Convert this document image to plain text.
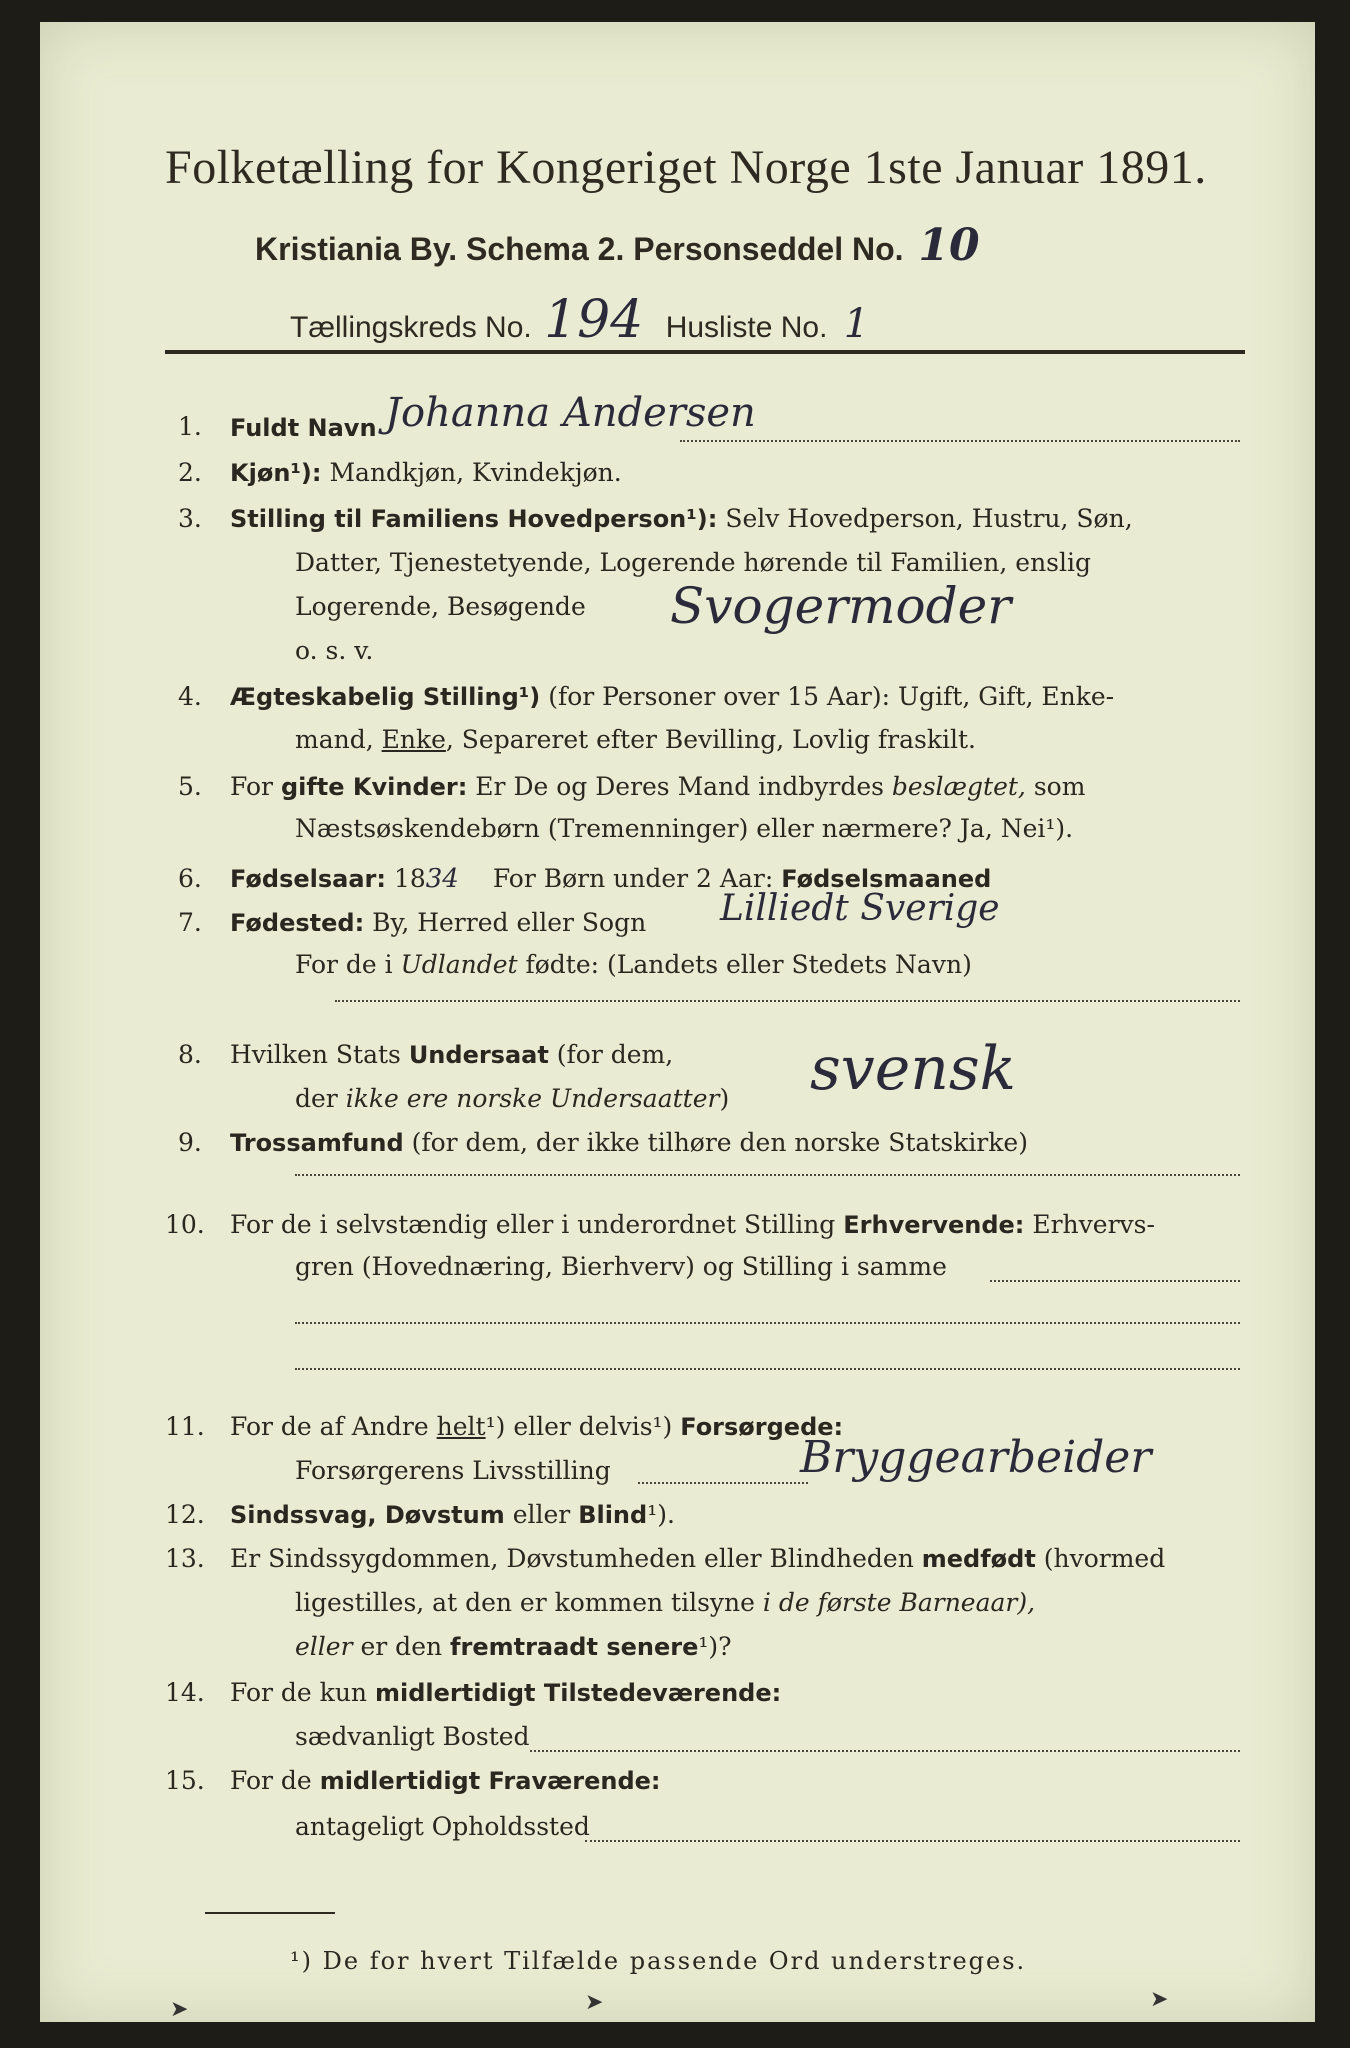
Folketælling for Kongeriget Norge 1ste Januar 1891.
Kristiania By. Schema 2. Personseddel No. 10
Tællingskreds No. 194 Husliste No. 1
1. Fuldt Navn Johanna Andersen
2. Kjøn¹): Mandkjøn, Kvindekjøn.
3. Stilling til Familiens Hovedperson¹): Selv Hovedperson, Hustru, Søn,
Datter, Tjenestetyende, Logerende hørende til Familien, enslig
Logerende, Besøgende
o. s. v.
Svogermoder
4. Ægteskabelig Stilling¹) (for Personer over 15 Aar): Ugift, Gift, Enke-
mand, Enke, Separeret efter Bevilling, Lovlig fraskilt.
5. For gifte Kvinder: Er De og Deres Mand indbyrdes beslægtet, som
Næstsøskendebørn (Tremenninger) eller nærmere? Ja, Nei¹).
6. Fødselsaar: 1834 For Børn under 2 Aar: Fødselsmaaned
7. Fødested: By, Herred eller Sogn Lilliedt Sverige
For de i Udlandet fødte: (Landets eller Stedets Navn)
8. Hvilken Stats Undersaat (for dem,
der ikke ere norske Undersaatter) svensk
9. Trossamfund (for dem, der ikke tilhøre den norske Statskirke)
10. For de i selvstændig eller i underordnet Stilling Erhvervende: Erhvervs-
gren (Hovednæring, Bierhverv) og Stilling i samme
11. For de af Andre helt¹) eller delvis¹) Forsørgede:
Forsørgerens Livsstilling	Bryggearbeider
12. Sindssvag, Døvstum eller Blind¹).
13. Er Sindssygdommen, Døvstumheden eller Blindheden medfødt (hvormed
ligestilles, at den er kommen tilsyne i de første Barneaar),
eller er den fremtraadt senere¹)?
14. For de kun midlertidigt Tilstedeværende:
sædvanligt Bosted
15. For de midlertidigt Fraværende:
antageligt Opholdssted
¹) De for hvert Tilfælde passende Ord understreges.
➤	➤	➤
